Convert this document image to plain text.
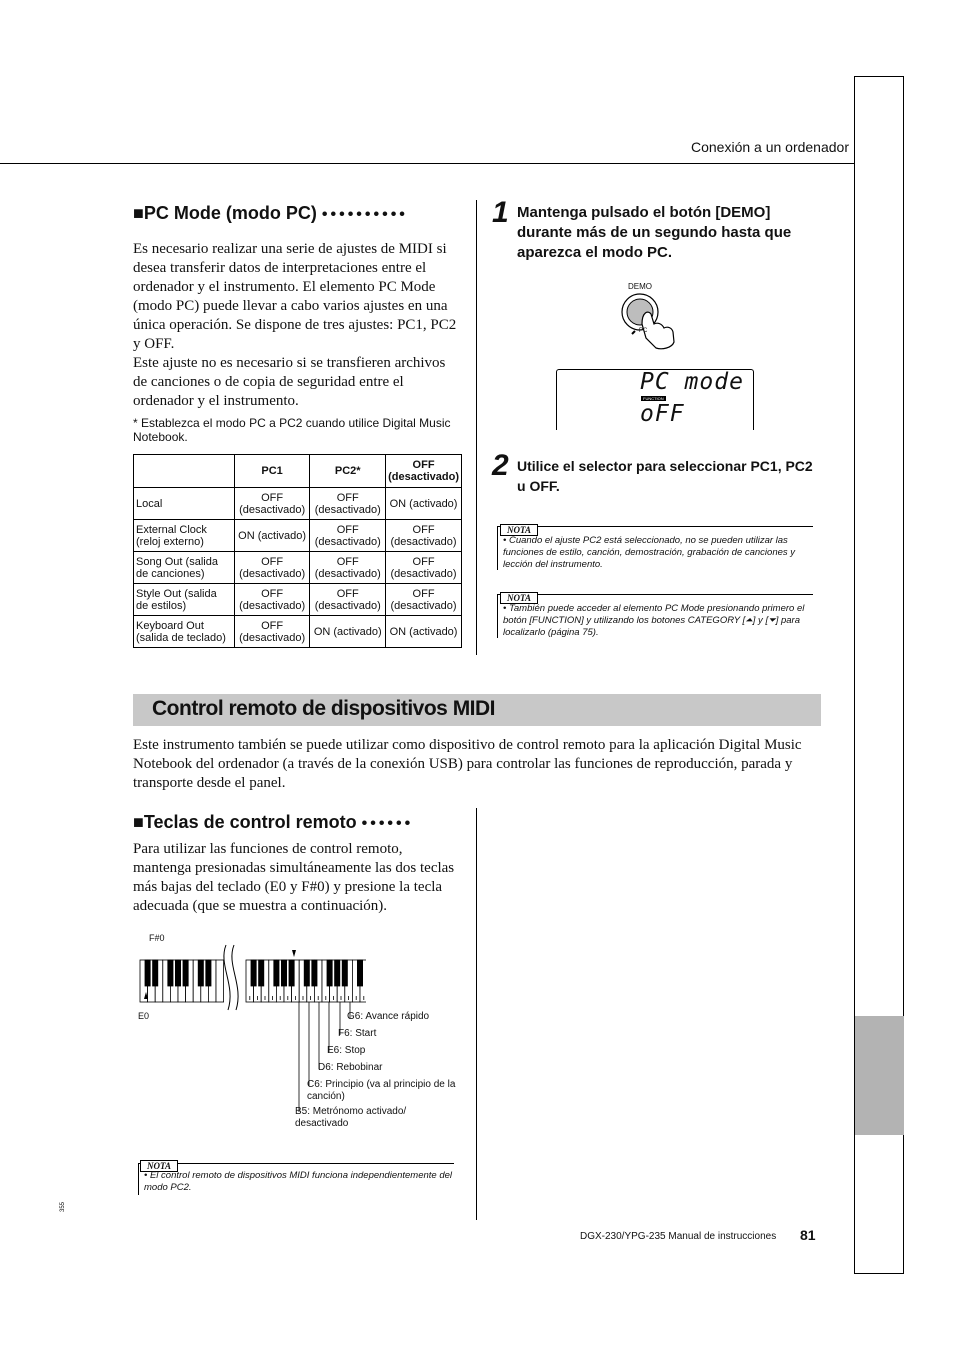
Conexión a un ordenador
■PC Mode (modo PC) ••••••••••
Es necesario realizar una serie de ajustes de MIDI si desea transferir datos de interpretaciones entre el ordenador y el instrumento. El elemento PC Mode (modo PC) puede llevar a cabo varios ajustes en una única operación. Se dispone de tres ajustes: PC1, PC2 y OFF.
Este ajuste no es necesario si se transfieren archivos de canciones o de copia de seguridad entre el ordenador y el instrumento.
* Establezca el modo PC a PC2 cuando utilice Digital Music Notebook.
	PC1	PC2*	OFF (desactivado)
Local	OFF (desactivado)	OFF (desactivado)	ON (activado)
External Clock (reloj externo)	ON (activado)	OFF (desactivado)	OFF (desactivado)
Song Out (salida de canciones)	OFF (desactivado)	OFF (desactivado)	OFF (desactivado)
Style Out (salida de estilos)	OFF (desactivado)	OFF (desactivado)	OFF (desactivado)
Keyboard Out (salida de teclado)	OFF (desactivado)	ON (activado)	ON (activado)
1 Mantenga pulsado el botón [DEMO] durante más de un segundo hasta que aparezca el modo PC.
DEMO
PC
PC mode
FUNCTION
oFF
2 Utilice el selector para seleccionar PC1, PC2 u OFF.
NOTA
• Cuando el ajuste PC2 está seleccionado, no se pueden utilizar las funciones de estilo, canción, demostración, grabación de canciones y lección del instrumento.
NOTA
• También puede acceder al elemento PC Mode presionando primero el botón [FUNCTION] y utilizando los botones CATEGORY [⏶] y [⏷] para localizarlo (página 75).
Control remoto de dispositivos MIDI
Este instrumento también se puede utilizar como dispositivo de control remoto para la aplicación Digital Music Notebook del ordenador (a través de la conexión USB) para controlar las funciones de reproducción, parada y transporte desde el panel.
■Teclas de control remoto ••••••
Para utilizar las funciones de control remoto, mantenga presionadas simultáneamente las dos teclas más bajas del teclado (E0 y F#0) y presione la tecla adecuada (que se muestra a continuación).
F#0
E0	G6: Avance rápido
F6: Start
E6: Stop
D6: Rebobinar
C6: Principio (va al principio de la canción)
B5: Metrónomo activado/ desactivado
NOTA
• El control remoto de dispositivos MIDI funciona independientemente del modo PC2.
355
DGX-230/YPG-235 Manual de instrucciones 81
